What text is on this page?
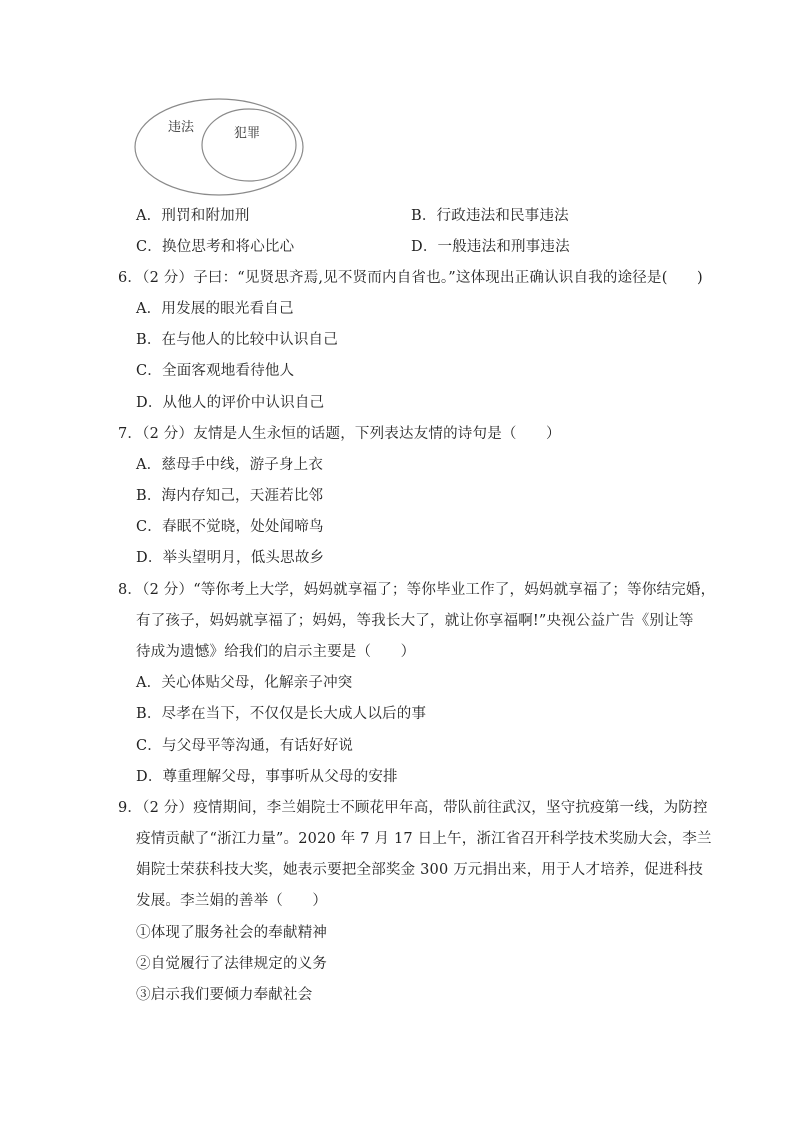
违法	犯罪
A．刑罚和附加刑	B．行政违法和民事违法
C．换位思考和将心比心	D．一般违法和刑事违法
6．（2 分）子曰：“见贤思齐焉,见不贤而内自省也。”这体现出正确认识自我的途径是(　　)
A．用发展的眼光看自己
B．在与他人的比较中认识自己
C．全面客观地看待他人
D．从他人的评价中认识自己
7．（2 分）友情是人生永恒的话题，下列表达友情的诗句是（　　）
A．慈母手中线，游子身上衣
B．海内存知己，天涯若比邻
C．春眠不觉晓，处处闻啼鸟
D．举头望明月，低头思故乡
8．（2 分）“等你考上大学，妈妈就享福了；等你毕业工作了，妈妈就享福了；等你结完婚，
有了孩子，妈妈就享福了；妈妈，等我长大了，就让你享福啊!”央视公益广告《别让等
待成为遗憾》给我们的启示主要是（　　）
A．关心体贴父母，化解亲子冲突
B．尽孝在当下，不仅仅是长大成人以后的事
C．与父母平等沟通，有话好好说
D．尊重理解父母，事事听从父母的安排
9．（2 分）疫情期间，李兰娟院士不顾花甲年高，带队前往武汉，坚守抗疫第一线，为防控
疫情贡献了“浙江力量”。2020 年 7 月 17 日上午，浙江省召开科学技术奖励大会，李兰
娟院士荣获科技大奖，她表示要把全部奖金 300 万元捐出来，用于人才培养，促进科技
发展。李兰娟的善举（　　）
①体现了服务社会的奉献精神
②自觉履行了法律规定的义务
③启示我们要倾力奉献社会
